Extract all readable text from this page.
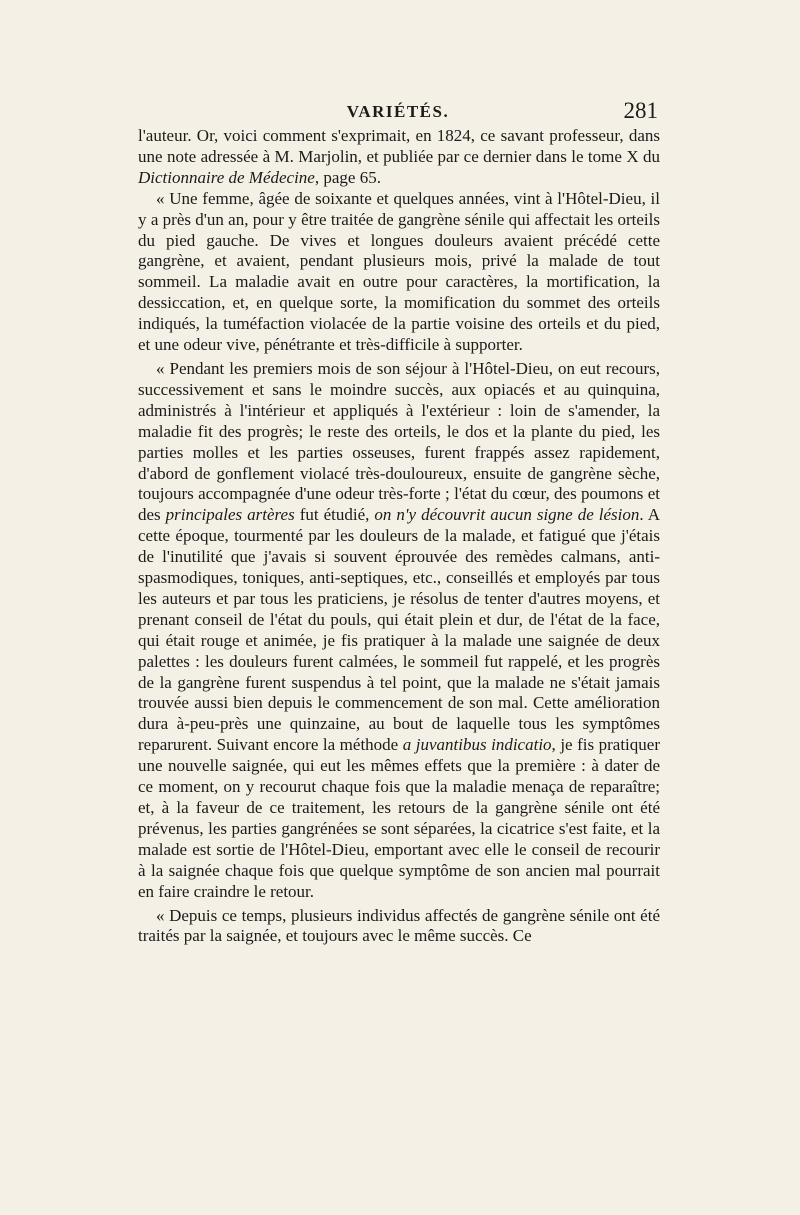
VARIÉTÉS.	281

l'auteur. Or, voici comment s'exprimait, en 1824, ce savant professeur, dans une note adressée à M. Marjolin, et publiée par ce dernier dans le tome X du Dictionnaire de Médecine, page 65.

« Une femme, âgée de soixante et quelques années, vint à l'Hôtel-Dieu, il y a près d'un an, pour y être traitée de gangrène sénile qui affectait les orteils du pied gauche. De vives et longues douleurs avaient précédé cette gangrène, et avaient, pendant plusieurs mois, privé la malade de tout sommeil. La maladie avait en outre pour caractères, la mortification, la dessiccation, et, en quelque sorte, la momification du sommet des orteils indiqués, la tuméfaction violacée de la partie voisine des orteils et du pied, et une odeur vive, pénétrante et très-difficile à supporter.

« Pendant les premiers mois de son séjour à l'Hôtel-Dieu, on eut recours, successivement et sans le moindre succès, aux opiacés et au quinquina, administrés à l'intérieur et appliqués à l'extérieur : loin de s'amender, la maladie fit des progrès; le reste des orteils, le dos et la plante du pied, les parties molles et les parties osseuses, furent frappés assez rapidement, d'abord de gonflement violacé très-douloureux, ensuite de gangrène sèche, toujours accompagnée d'une odeur très-forte ; l'état du cœur, des poumons et des principales artères fut étudié, on n'y découvrit aucun signe de lésion. A cette époque, tourmenté par les douleurs de la malade, et fatigué que j'étais de l'inutilité que j'avais si souvent éprouvée des remèdes calmans, anti-spasmodiques, toniques, anti-septiques, etc., conseillés et employés par tous les auteurs et par tous les praticiens, je résolus de tenter d'autres moyens, et prenant conseil de l'état du pouls, qui était plein et dur, de l'état de la face, qui était rouge et animée, je fis pratiquer à la malade une saignée de deux palettes : les douleurs furent calmées, le sommeil fut rappelé, et les progrès de la gangrène furent suspendus à tel point, que la malade ne s'était jamais trouvée aussi bien depuis le commencement de son mal. Cette amélioration dura à-peu-près une quinzaine, au bout de laquelle tous les symptômes reparurent. Suivant encore la méthode a juvantibus indicatio, je fis pratiquer une nouvelle saignée, qui eut les mêmes effets que la première : à dater de ce moment, on y recourut chaque fois que la maladie menaça de reparaître; et, à la faveur de ce traitement, les retours de la gangrène sénile ont été prévenus, les parties gangrénées se sont séparées, la cicatrice s'est faite, et la malade est sortie de l'Hôtel-Dieu, emportant avec elle le conseil de recourir à la saignée chaque fois que quelque symptôme de son ancien mal pourrait en faire craindre le retour.

« Depuis ce temps, plusieurs individus affectés de gangrène sénile ont été traités par la saignée, et toujours avec le même succès. Ce
